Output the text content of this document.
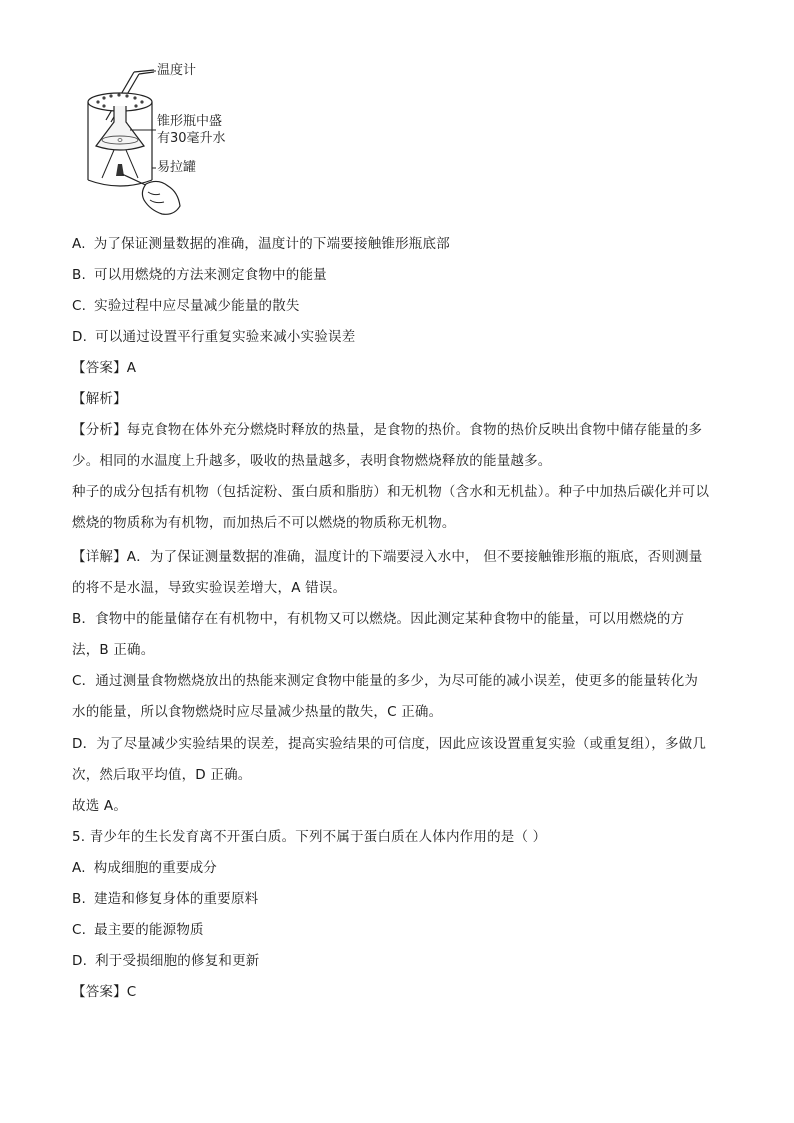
温度计
锥形瓶中盛
有30毫升水
易拉罐
A. 为了保证测量数据的准确，温度计的下端要接触锥形瓶底部
B. 可以用燃烧的方法来测定食物中的能量
C. 实验过程中应尽量减少能量的散失
D. 可以通过设置平行重复实验来减小实验误差
【答案】A
【解析】
【分析】每克食物在体外充分燃烧时释放的热量，是食物的热价。食物的热价反映出食物中储存能量的多
少。相同的水温度上升越多，吸收的热量越多，表明食物燃烧释放的能量越多。
种子的成分包括有机物（包括淀粉、蛋白质和脂肪）和无机物（含水和无机盐）。种子中加热后碳化并可以
燃烧的物质称为有机物，而加热后不可以燃烧的物质称无机物。
【详解】A．为了保证测量数据的准确，温度计的下端要浸入水中， 但不要接触锥形瓶的瓶底，否则测量
的将不是水温，导致实验误差增大，A 错误。
B．食物中的能量储存在有机物中，有机物又可以燃烧。因此测定某种食物中的能量，可以用燃烧的方
法，B 正确。
C．通过测量食物燃烧放出的热能来测定食物中能量的多少，为尽可能的减小误差，使更多的能量转化为
水的能量，所以食物燃烧时应尽量减少热量的散失，C 正确。
D．为了尽量减少实验结果的误差，提高实验结果的可信度，因此应该设置重复实验（或重复组），多做几
次，然后取平均值，D 正确。
故选 A。
5. 青少年的生长发育离不开蛋白质。下列不属于蛋白质在人体内作用的是（ ）
A. 构成细胞的重要成分
B. 建造和修复身体的重要原料
C. 最主要的能源物质
D. 利于受损细胞的修复和更新
【答案】C
